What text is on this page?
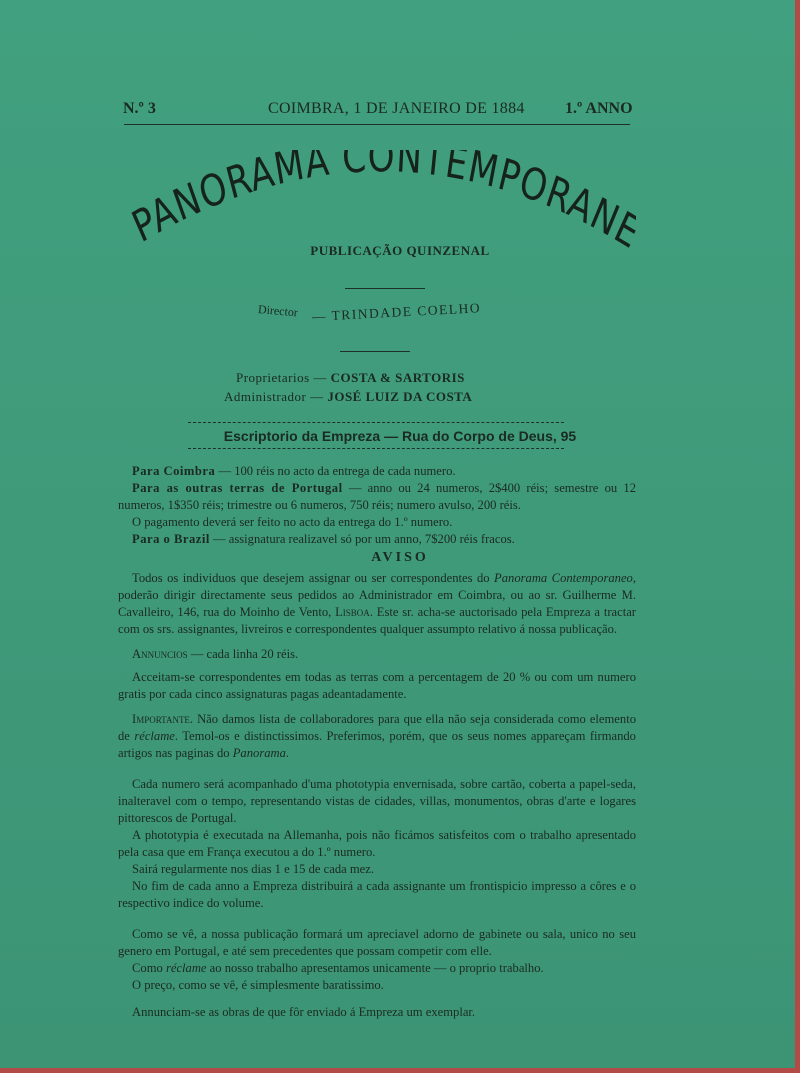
N.º 3	COIMBRA, 1 DE JANEIRO DE 1884	1.º ANNO
PANORAMA CONTEMPORAN
PUBLICAÇÃO QUINZENAL
Director — TRINDADE COELHO
Proprietarios — COSTA & SARTORIS
Administrador — JOSÉ LUIZ DA COSTA
Escriptorio da Empreza — Rua do Corpo de Deus, 95

Para Coimbra — 100 réis no acto da entrega de cada numero.

Para as outras terras de Portugal — anno ou 24 numeros, 2$400 réis; semestre ou 12 numeros, 1$350 réis; trimestre ou 6 numeros, 750 réis; numero avulso, 200 réis.

O pagamento deverá ser feito no acto da entrega do 1.º numero.

Para o Brazil — assignatura realizavel só por um anno, 7$200 réis fracos.

AVISO

Todos os individuos que desejem assignar ou ser correspondentes do Panorama Contemporaneo, poderão dirigir directamente seus pedidos ao Administrador em Coimbra, ou ao sr. Guilherme M. Cavalleiro, 146, rua do Moinho de Vento, Lisboa. Este sr. acha-se auctorisado pela Empreza a tractar com os srs. assignantes, livreiros e correspondentes qualquer assumpto relativo á nossa publicação.

Annuncios — cada linha 20 réis.

Acceitam-se correspondentes em todas as terras com a percentagem de 20 % ou com um numero gratis por cada cinco assignaturas pagas adeantadamente.

Importante. Não damos lista de collaboradores para que ella não seja considerada como elemento de réclame. Temol-os e distinctissimos. Preferimos, porém, que os seus nomes appareçam firmando artigos nas paginas do Panorama.

Cada numero será acompanhado d'uma phototypia envernisada, sobre cartão, coberta a papel-seda, inalteravel com o tempo, representando vistas de cidades, villas, monumentos, obras d'arte e logares pittorescos de Portugal.

A phototypia é executada na Allemanha, pois não ficámos satisfeitos com o trabalho apresentado pela casa que em França executou a do 1.º numero.

Sairá regularmente nos dias 1 e 15 de cada mez.

No fim de cada anno a Empreza distribuirá a cada assignante um frontispicio impresso a côres e o respectivo indice do volume.

Como se vê, a nossa publicação formará um apreciavel adorno de gabinete ou sala, unico no seu genero em Portugal, e até sem precedentes que possam competir com elle.

Como réclame ao nosso trabalho apresentamos unicamente — o proprio trabalho.

O preço, como se vê, é simplesmente baratissimo.

Annunciam-se as obras de que fôr enviado á Empreza um exemplar.
